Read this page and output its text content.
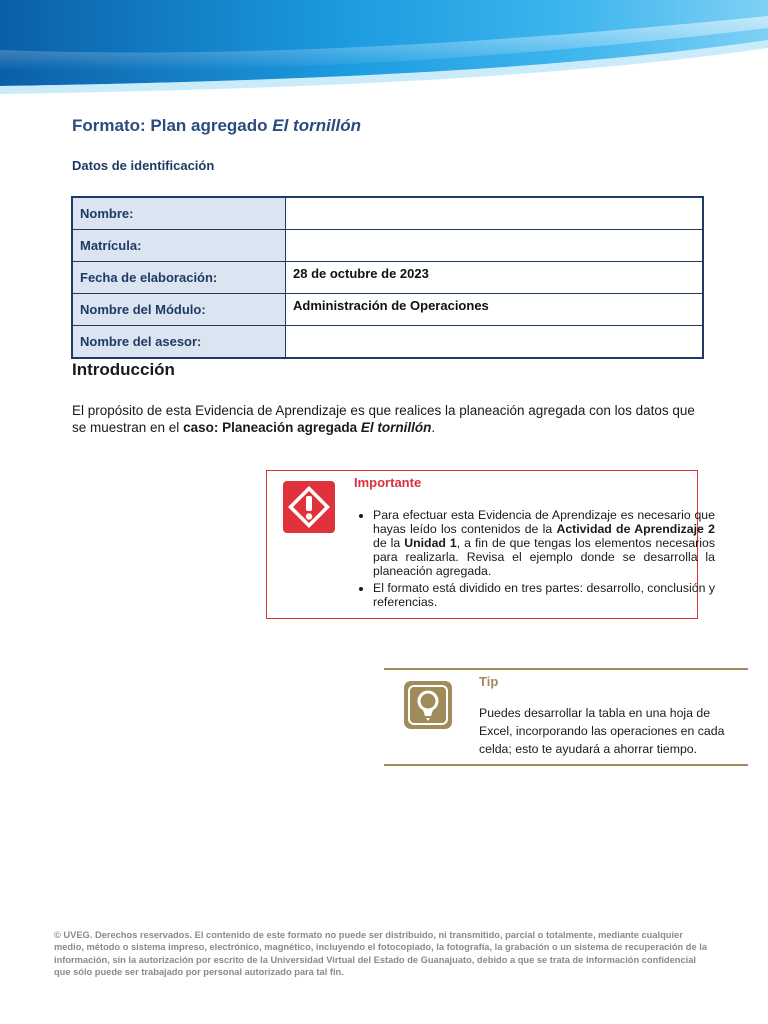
Formato: Plan agregado El tornillón
Datos de identificación
Nombre:	
Matrícula:	
Fecha de elaboración:	28 de octubre de 2023
Nombre del Módulo:	Administración de Operaciones
Nombre del asesor:	
Introducción
El propósito de esta Evidencia de Aprendizaje es que realices la planeación agregada con los datos que se muestran en el caso: Planeación agregada El tornillón.
Importante
• Para efectuar esta Evidencia de Aprendizaje es necesario que hayas leído los contenidos de la Actividad de Aprendizaje 2 de la Unidad 1, a fin de que tengas los elementos necesarios para realizarla. Revisa el ejemplo donde se desarrolla la planeación agregada.
• El formato está dividido en tres partes: desarrollo, conclusión y referencias.
Tip
Puedes desarrollar la tabla en una hoja de Excel, incorporando las operaciones en cada celda; esto te ayudará a ahorrar tiempo.
© UVEG. Derechos reservados. El contenido de este formato no puede ser distribuido, ni transmitido, parcial o totalmente, mediante cualquier medio, método o sistema impreso, electrónico, magnético, incluyendo el fotocopiado, la fotografía, la grabación o un sistema de recuperación de la información, sin la autorización por escrito de la Universidad Virtual del Estado de Guanajuato, debido a que se trata de información confidencial que sólo puede ser trabajado por personal autorizado para tal fin.
